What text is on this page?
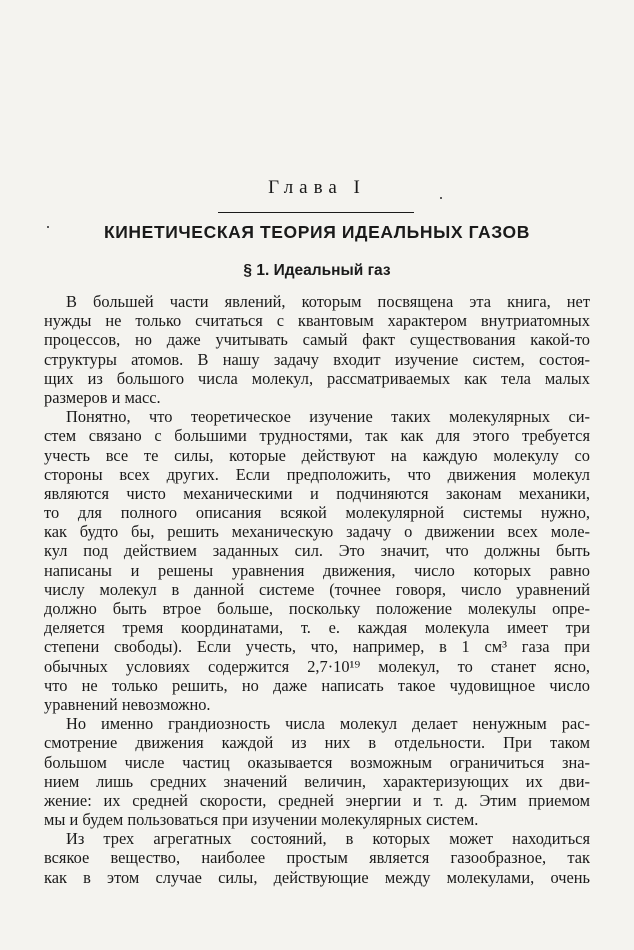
Глава I
КИНЕТИЧЕСКАЯ ТЕОРИЯ ИДЕАЛЬНЫХ ГАЗОВ
§ 1. Идеальный газ
В большей части явлений, которым посвящена эта книга, нет
нужды не только считаться с квантовым характером внутриатомных
процессов, но даже учитывать самый факт существования какой-то
структуры атомов. В нашу задачу входит изучение систем, состоя-
щих из большого числа молекул, рассматриваемых как тела малых
размеров и масс.
Понятно, что теоретическое изучение таких молекулярных си-
стем связано с большими трудностями, так как для этого требуется
учесть все те силы, которые действуют на каждую молекулу со
стороны всех других. Если предположить, что движения молекул
являются чисто механическими и подчиняются законам механики,
то для полного описания всякой молекулярной системы нужно,
как будто бы, решить механическую задачу о движении всех моле-
кул под действием заданных сил. Это значит, что должны быть
написаны и решены уравнения движения, число которых равно
числу молекул в данной системе (точнее говоря, число уравнений
должно быть втрое больше, поскольку положение молекулы опре-
деляется тремя координатами, т. е. каждая молекула имеет три
степени свободы). Если учесть, что, например, в 1 см³ газа при
обычных условиях содержится 2,7·10¹⁹ молекул, то станет ясно,
что не только решить, но даже написать такое чудовищное число
уравнений невозможно.
Но именно грандиозность числа молекул делает ненужным рас-
смотрение движения каждой из них в отдельности. При таком
большом числе частиц оказывается возможным ограничиться зна-
нием лишь средних значений величин, характеризующих их дви-
жение: их средней скорости, средней энергии и т. д. Этим приемом
мы и будем пользоваться при изучении молекулярных систем.
Из трех агрегатных состояний, в которых может находиться
всякое вещество, наиболее простым является газообразное, так
как в этом случае силы, действующие между молекулами, очень
